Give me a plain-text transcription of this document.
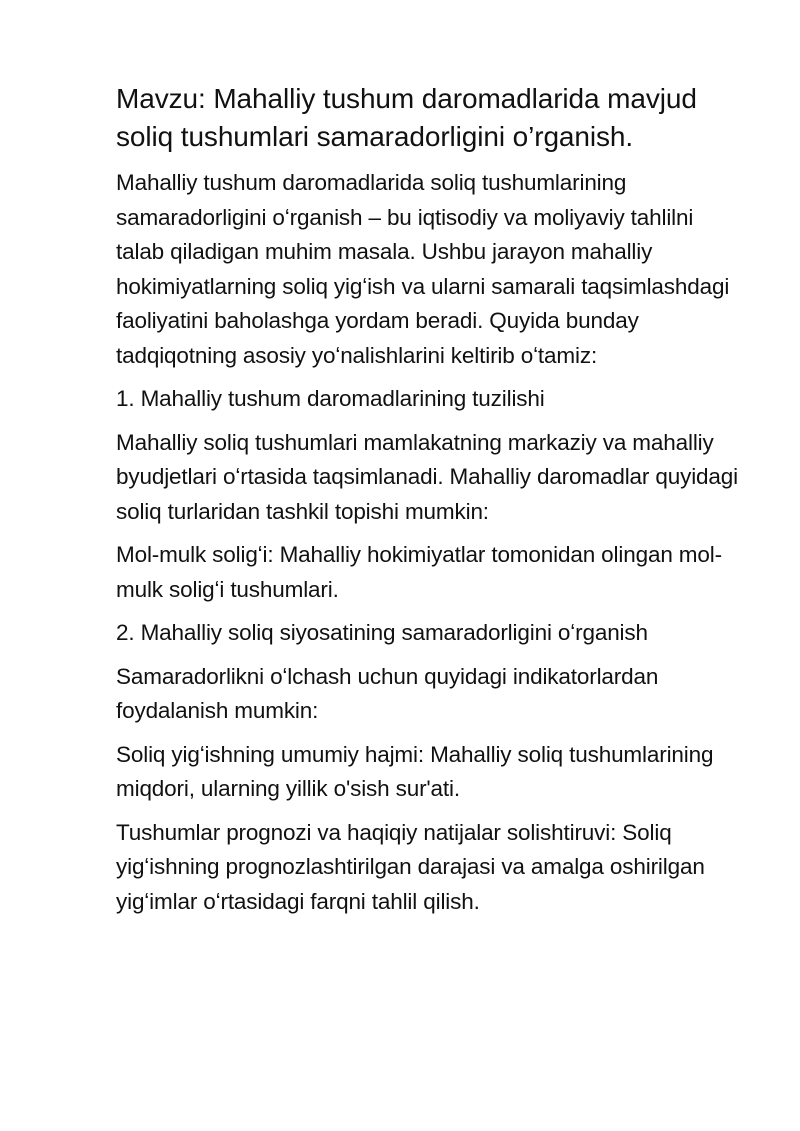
Mavzu: Mahalliy tushum daromadlarida mavjud soliq tushumlari samaradorligini o’rganish.

Mahalliy tushum daromadlarida soliq tushumlarining samaradorligini oʻrganish – bu iqtisodiy va moliyaviy tahlilni talab qiladigan muhim masala. Ushbu jarayon mahalliy hokimiyatlarning soliq yigʻish va ularni samarali taqsimlashdagi faoliyatini baholashga yordam beradi. Quyida bunday tadqiqotning asosiy yoʻnalishlarini keltirib oʻtamiz:

1. Mahalliy tushum daromadlarining tuzilishi

Mahalliy soliq tushumlari mamlakatning markaziy va mahalliy byudjetlari oʻrtasida taqsimlanadi. Mahalliy daromadlar quyidagi soliq turlaridan tashkil topishi mumkin:

Mol-mulk soligʻi: Mahalliy hokimiyatlar tomonidan olingan mol-mulk soligʻi tushumlari.

2. Mahalliy soliq siyosatining samaradorligini oʻrganish

Samaradorlikni oʻlchash uchun quyidagi indikatorlardan foydalanish mumkin:

Soliq yigʻishning umumiy hajmi: Mahalliy soliq tushumlarining miqdori, ularning yillik o'sish sur'ati.

Tushumlar prognozi va haqiqiy natijalar solishtiruvi: Soliq yigʻishning prognozlashtirilgan darajasi va amalga oshirilgan yigʻimlar oʻrtasidagi farqni tahlil qilish.
